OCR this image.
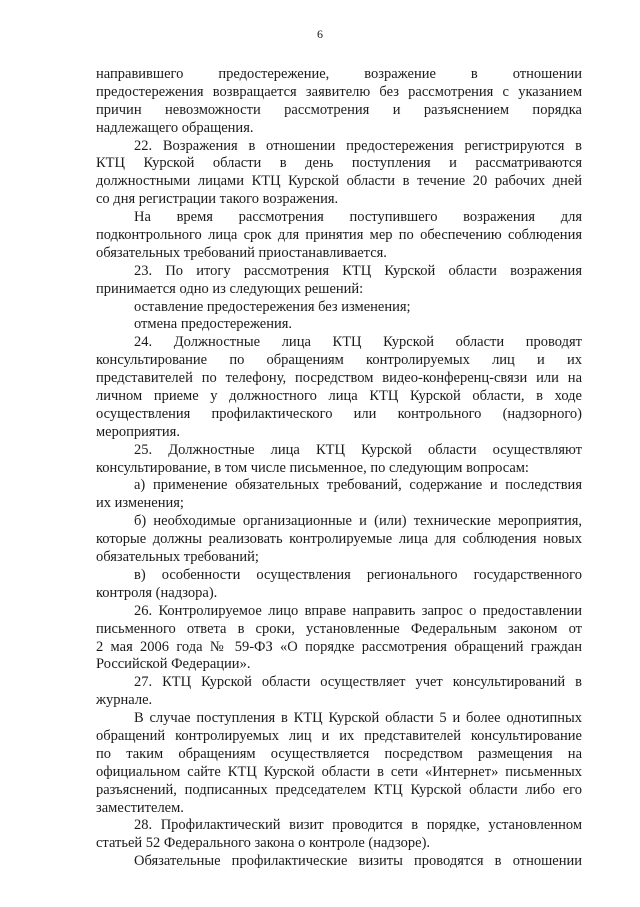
6
направившего предостережение, возражение в отношении
предостережения возвращается заявителю без рассмотрения с указанием
причин невозможности рассмотрения и разъяснением порядка
надлежащего обращения.
22. Возражения в отношении предостережения регистрируются в
КТЦ Курской области в день поступления и рассматриваются
должностными лицами КТЦ Курской области в течение 20 рабочих дней
со дня регистрации такого возражения.
На время рассмотрения поступившего возражения для
подконтрольного лица срок для принятия мер по обеспечению соблюдения
обязательных требований приостанавливается.
23. По итогу рассмотрения КТЦ Курской области возражения
принимается одно из следующих решений:
оставление предостережения без изменения;
отмена предостережения.
24. Должностные лица КТЦ Курской области проводят
консультирование по обращениям контролируемых лиц и их
представителей по телефону, посредством видео-конференц-связи или на
личном приеме у должностного лица КТЦ Курской области, в ходе
осуществления профилактического или контрольного (надзорного)
мероприятия.
25. Должностные лица КТЦ Курской области осуществляют
консультирование, в том числе письменное, по следующим вопросам:
а) применение обязательных требований, содержание и последствия
их изменения;
б) необходимые организационные и (или) технические мероприятия,
которые должны реализовать контролируемые лица для соблюдения новых
обязательных требований;
в) особенности осуществления регионального государственного
контроля (надзора).
26. Контролируемое лицо вправе направить запрос о предоставлении
письменного ответа в сроки, установленные Федеральным законом от
2 мая 2006 года № 59-ФЗ «О порядке рассмотрения обращений граждан
Российской Федерации».
27. КТЦ Курской области осуществляет учет консультирований в
журнале.
В случае поступления в КТЦ Курской области 5 и более однотипных
обращений контролируемых лиц и их представителей консультирование
по таким обращениям осуществляется посредством размещения на
официальном сайте КТЦ Курской области в сети «Интернет» письменных
разъяснений, подписанных председателем КТЦ Курской области либо его
заместителем.
28. Профилактический визит проводится в порядке, установленном
статьей 52 Федерального закона о контроле (надзоре).
Обязательные профилактические визиты проводятся в отношении
